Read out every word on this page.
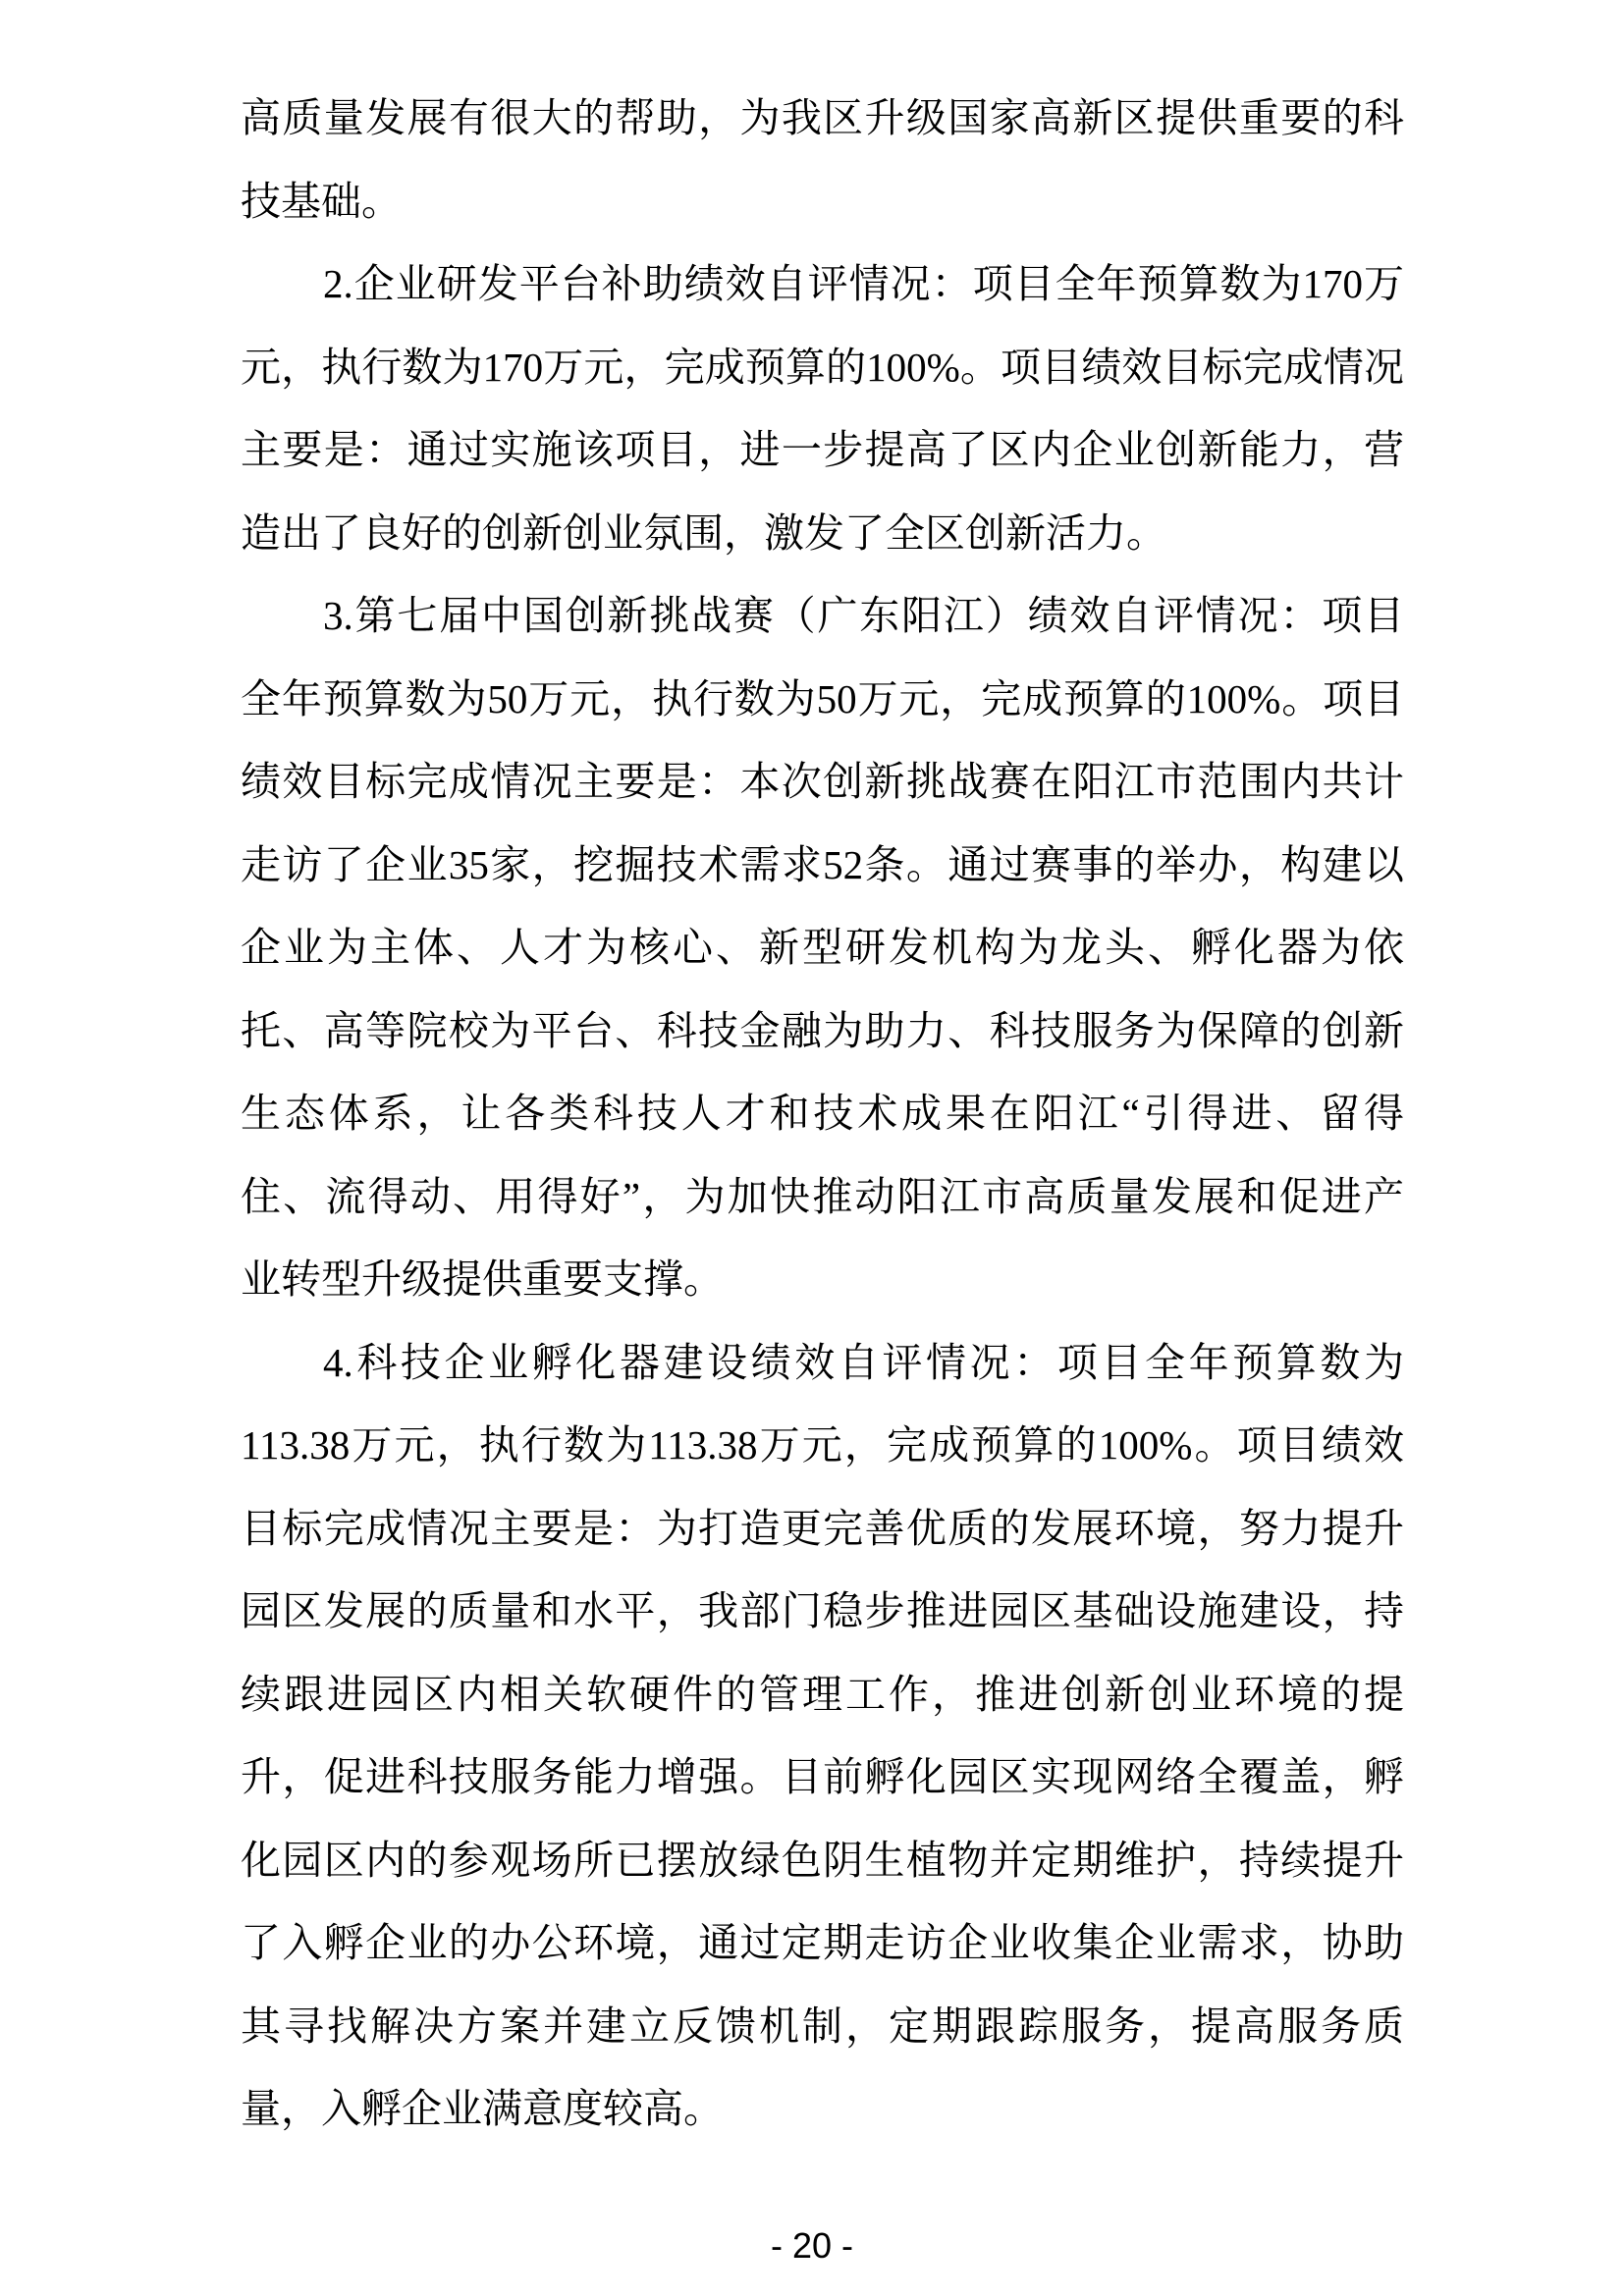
高质量发展有很大的帮助，为我区升级国家高新区提供重要的科
技基础。
2.企业研发平台补助绩效自评情况：项目全年预算数为170万
元，执行数为170万元，完成预算的100%。项目绩效目标完成情况
主要是：通过实施该项目，进一步提高了区内企业创新能力，营
造出了良好的创新创业氛围，激发了全区创新活力。
3.第七届中国创新挑战赛（广东阳江）绩效自评情况：项目
全年预算数为50万元，执行数为50万元，完成预算的100%。项目
绩效目标完成情况主要是：本次创新挑战赛在阳江市范围内共计
走访了企业35家，挖掘技术需求52条。通过赛事的举办，构建以
企业为主体、人才为核心、新型研发机构为龙头、孵化器为依
托、高等院校为平台、科技金融为助力、科技服务为保障的创新
生态体系，让各类科技人才和技术成果在阳江“引得进、留得
住、流得动、用得好”，为加快推动阳江市高质量发展和促进产
业转型升级提供重要支撑。
4.科技企业孵化器建设绩效自评情况：项目全年预算数为
113.38万元，执行数为113.38万元，完成预算的100%。项目绩效
目标完成情况主要是：为打造更完善优质的发展环境，努力提升
园区发展的质量和水平，我部门稳步推进园区基础设施建设，持
续跟进园区内相关软硬件的管理工作，推进创新创业环境的提
升，促进科技服务能力增强。目前孵化园区实现网络全覆盖，孵
化园区内的参观场所已摆放绿色阴生植物并定期维护，持续提升
了入孵企业的办公环境，通过定期走访企业收集企业需求，协助
其寻找解决方案并建立反馈机制，定期跟踪服务，提高服务质
量，入孵企业满意度较高。
- 20 -
